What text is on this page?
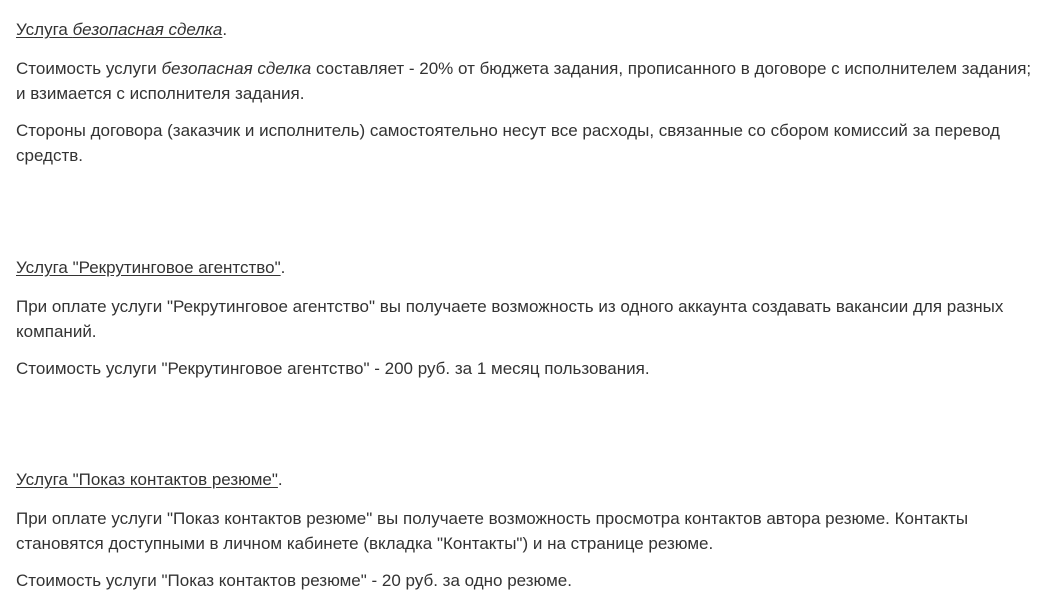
Услуга безопасная сделка.

Стоимость услуги безопасная сделка составляет - 20% от бюджета задания, прописанного в договоре с исполнителем задания;
и взимается с исполнителя задания.

Стороны договора (заказчик и исполнитель) самостоятельно несут все расходы, связанные со сбором комиссий за перевод
средств.

Услуга "Рекрутинговое агентство".

При оплате услуги "Рекрутинговое агентство" вы получаете возможность из одного аккаунта создавать вакансии для разных
компаний.

Стоимость услуги "Рекрутинговое агентство" - 200 руб. за 1 месяц пользования.

Услуга "Показ контактов резюме".

При оплате услуги "Показ контактов резюме" вы получаете возможность просмотра контактов автора резюме. Контакты
становятся доступными в личном кабинете (вкладка "Контакты") и на странице резюме.

Стоимость услуги "Показ контактов резюме" - 20 руб. за одно резюме.
